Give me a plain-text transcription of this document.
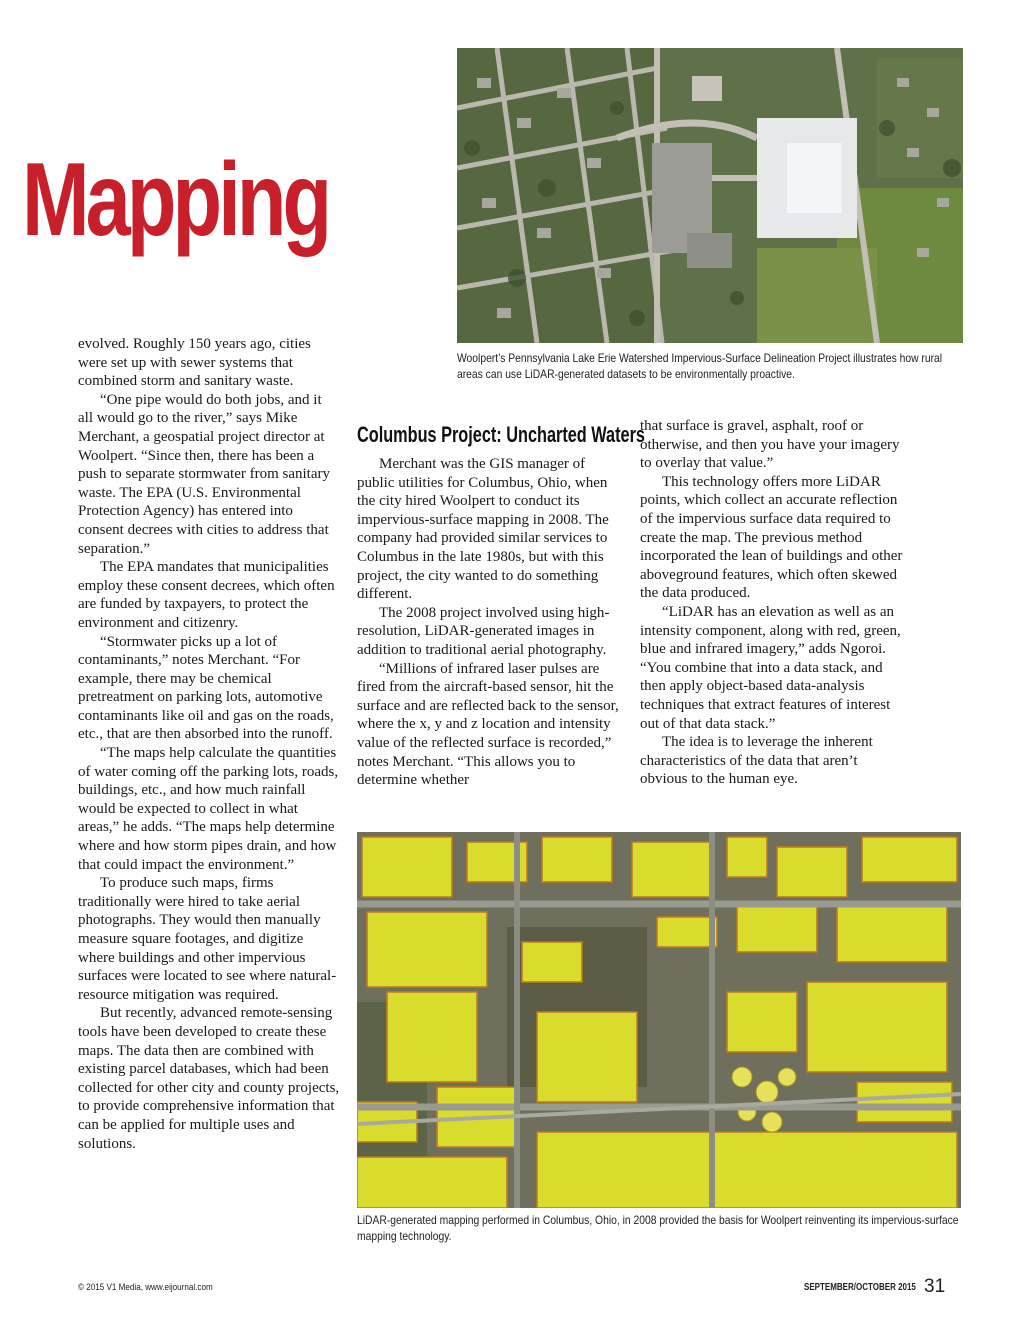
Mapping
Woolpert’s Pennsylvania Lake Erie Watershed Impervious-Surface Delineation Project illustrates how rural areas can use LiDAR-generated datasets to be environmentally proactive.

evolved. Roughly 150 years ago, cities were set up with sewer systems that combined storm and sanitary waste.

“One pipe would do both jobs, and it all would go to the river,” says Mike Merchant, a geospatial project director at Woolpert. “Since then, there has been a push to separate stormwater from sanitary waste. The EPA (U.S. Environmental Protection Agency) has entered into consent decrees with cities to address that separation.”

The EPA mandates that municipalities employ these consent decrees, which often are funded by taxpayers, to protect the environment and citizenry.

“Stormwater picks up a lot of contaminants,” notes Merchant. “For example, there may be chemical pretreatment on parking lots, automotive contaminants like oil and gas on the roads, etc., that are then absorbed into the runoff.

“The maps help calculate the quantities of water coming off the parking lots, roads, buildings, etc., and how much rainfall would be expected to collect in what areas,” he adds. “The maps help determine where and how storm pipes drain, and how that could impact the environment.”

To produce such maps, firms traditionally were hired to take aerial photographs. They would then manually measure square footages, and digitize where buildings and other impervious surfaces were located to see where natural-resource mitigation was required.

But recently, advanced remote-sensing tools have been developed to create these maps. The data then are combined with existing parcel databases, which had been collected for other city and county projects, to provide comprehensive information that can be applied for multiple uses and solutions.

Columbus Project: Uncharted Waters

Merchant was the GIS manager of public utilities for Columbus, Ohio, when the city hired Woolpert to conduct its impervious-surface mapping in 2008. The company had provided similar services to Columbus in the late 1980s, but with this project, the city wanted to do something different.

The 2008 project involved using high-resolution, LiDAR-generated images in addition to traditional aerial photography.

“Millions of infrared laser pulses are fired from the aircraft-based sensor, hit the surface and are reflected back to the sensor, where the x, y and z location and intensity value of the reflected surface is recorded,” notes Merchant. “This allows you to determine whether

that surface is gravel, asphalt, roof or otherwise, and then you have your imagery to overlay that value.”

This technology offers more LiDAR points, which collect an accurate reflection of the impervious surface data required to create the map. The previous method incorporated the lean of buildings and other aboveground features, which often skewed the data produced.

“LiDAR has an elevation as well as an intensity component, along with red, green, blue and infrared imagery,” adds Ngoroi. “You combine that into a data stack, and then apply object-based data-analysis techniques that extract features of interest out of that data stack.”

The idea is to leverage the inherent characteristics of the data that aren’t obvious to the human eye.

LiDAR-generated mapping performed in Columbus, Ohio, in 2008 provided the basis for Woolpert reinventing its impervious-surface mapping technology.
© 2015 V1 Media, www.eijournal.com	SEPTEMBER/OCTOBER 2015 31
